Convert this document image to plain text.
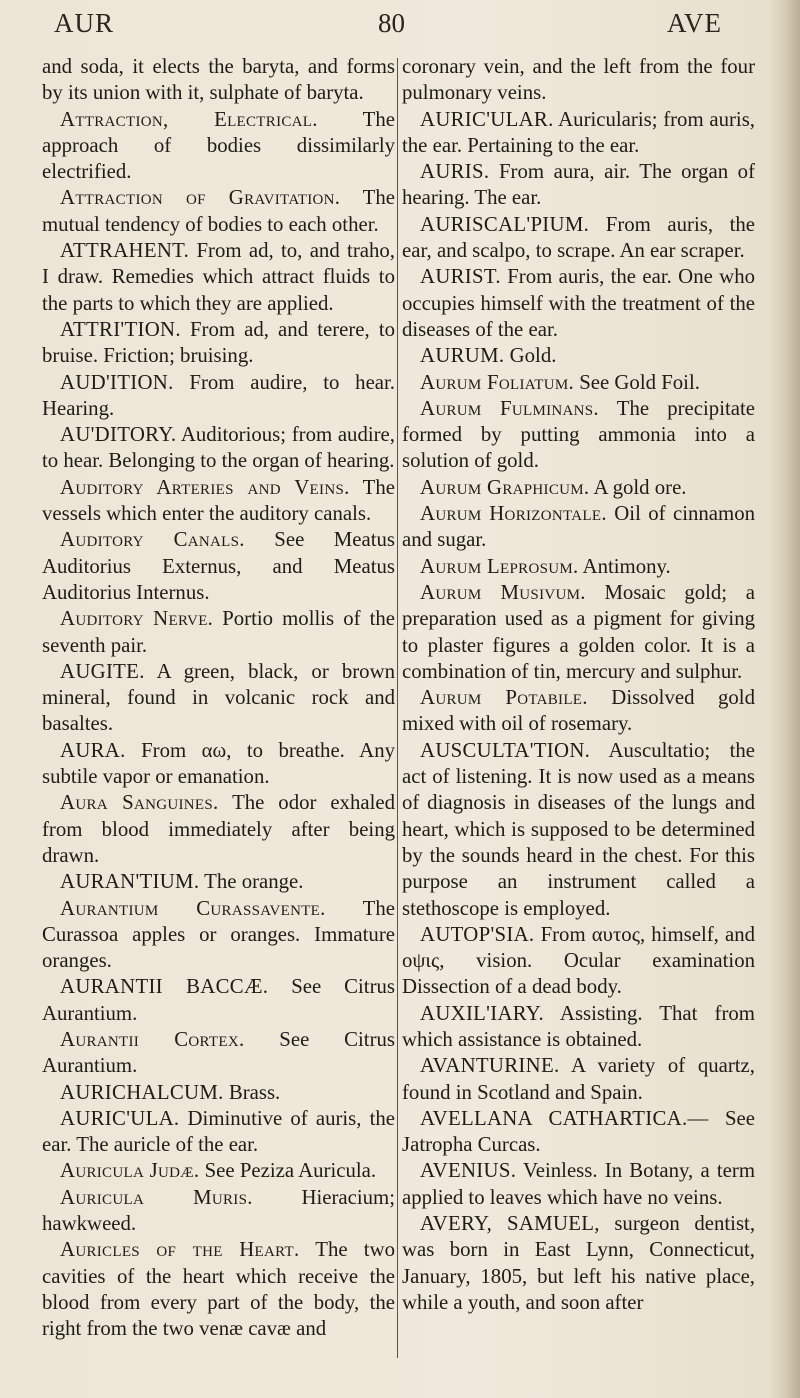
AUR	80	AVE

and soda, it elects the baryta, and forms by its union with it, sulphate of baryta.

Attraction, Electrical. The approach of bodies dissimilarly electrified.

Attraction of Gravitation. The mutual tendency of bodies to each other.

ATTRAHENT. From ad, to, and traho, I draw. Remedies which attract fluids to the parts to which they are applied.

ATTRI'TION. From ad, and terere, to bruise. Friction; bruising.

AUD'ITION. From audire, to hear. Hearing.

AU'DITORY. Auditorious; from audire, to hear. Belonging to the organ of hearing.

Auditory Arteries and Veins. The vessels which enter the auditory canals.

Auditory Canals. See Meatus Auditorius Externus, and Meatus Auditorius Internus.

Auditory Nerve. Portio mollis of the seventh pair.

AUGITE. A green, black, or brown mineral, found in volcanic rock and basaltes.

AURA. From αω, to breathe. Any subtile vapor or emanation.

Aura Sanguines. The odor exhaled from blood immediately after being drawn.

AURAN'TIUM. The orange.

Aurantium Curassavente. The Curassoa apples or oranges. Immature oranges.

AURANTII BACCÆ. See Citrus Aurantium.

Aurantii Cortex. See Citrus Aurantium.

AURICHALCUM. Brass.

AURIC'ULA. Diminutive of auris, the ear. The auricle of the ear.

Auricula Judæ. See Peziza Auricula.

Auricula Muris. Hieracium; hawkweed.

Auricles of the Heart. The two cavities of the heart which receive the blood from every part of the body, the right from the two venæ cavæ and

coronary vein, and the left from the four pulmonary veins.

AURIC'ULAR. Auricularis; from auris, the ear. Pertaining to the ear.

AURIS. From aura, air. The organ of hearing. The ear.

AURISCAL'PIUM. From auris, the ear, and scalpo, to scrape. An ear scraper.

AURIST. From auris, the ear. One who occupies himself with the treatment of the diseases of the ear.

AURUM. Gold.

Aurum Foliatum. See Gold Foil.

Aurum Fulminans. The precipitate formed by putting ammonia into a solution of gold.

Aurum Graphicum. A gold ore.

Aurum Horizontale. Oil of cinnamon and sugar.

Aurum Leprosum. Antimony.

Aurum Musivum. Mosaic gold; a preparation used as a pigment for giving to plaster figures a golden color. It is a combination of tin, mercury and sulphur.

Aurum Potabile. Dissolved gold mixed with oil of rosemary.

AUSCULTA'TION. Auscultatio; the act of listening. It is now used as a means of diagnosis in diseases of the lungs and heart, which is supposed to be determined by the sounds heard in the chest. For this purpose an instrument called a stethoscope is employed.

AUTOP'SIA. From αυτος, himself, and οψις, vision. Ocular examination Dissection of a dead body.

AUXIL'IARY. Assisting. That from which assistance is obtained.

AVANTURINE. A variety of quartz, found in Scotland and Spain.

AVELLANA CATHARTICA.— See Jatropha Curcas.

AVENIUS. Veinless. In Botany, a term applied to leaves which have no veins.

AVERY, SAMUEL, surgeon dentist, was born in East Lynn, Connecticut, January, 1805, but left his native place, while a youth, and soon after
